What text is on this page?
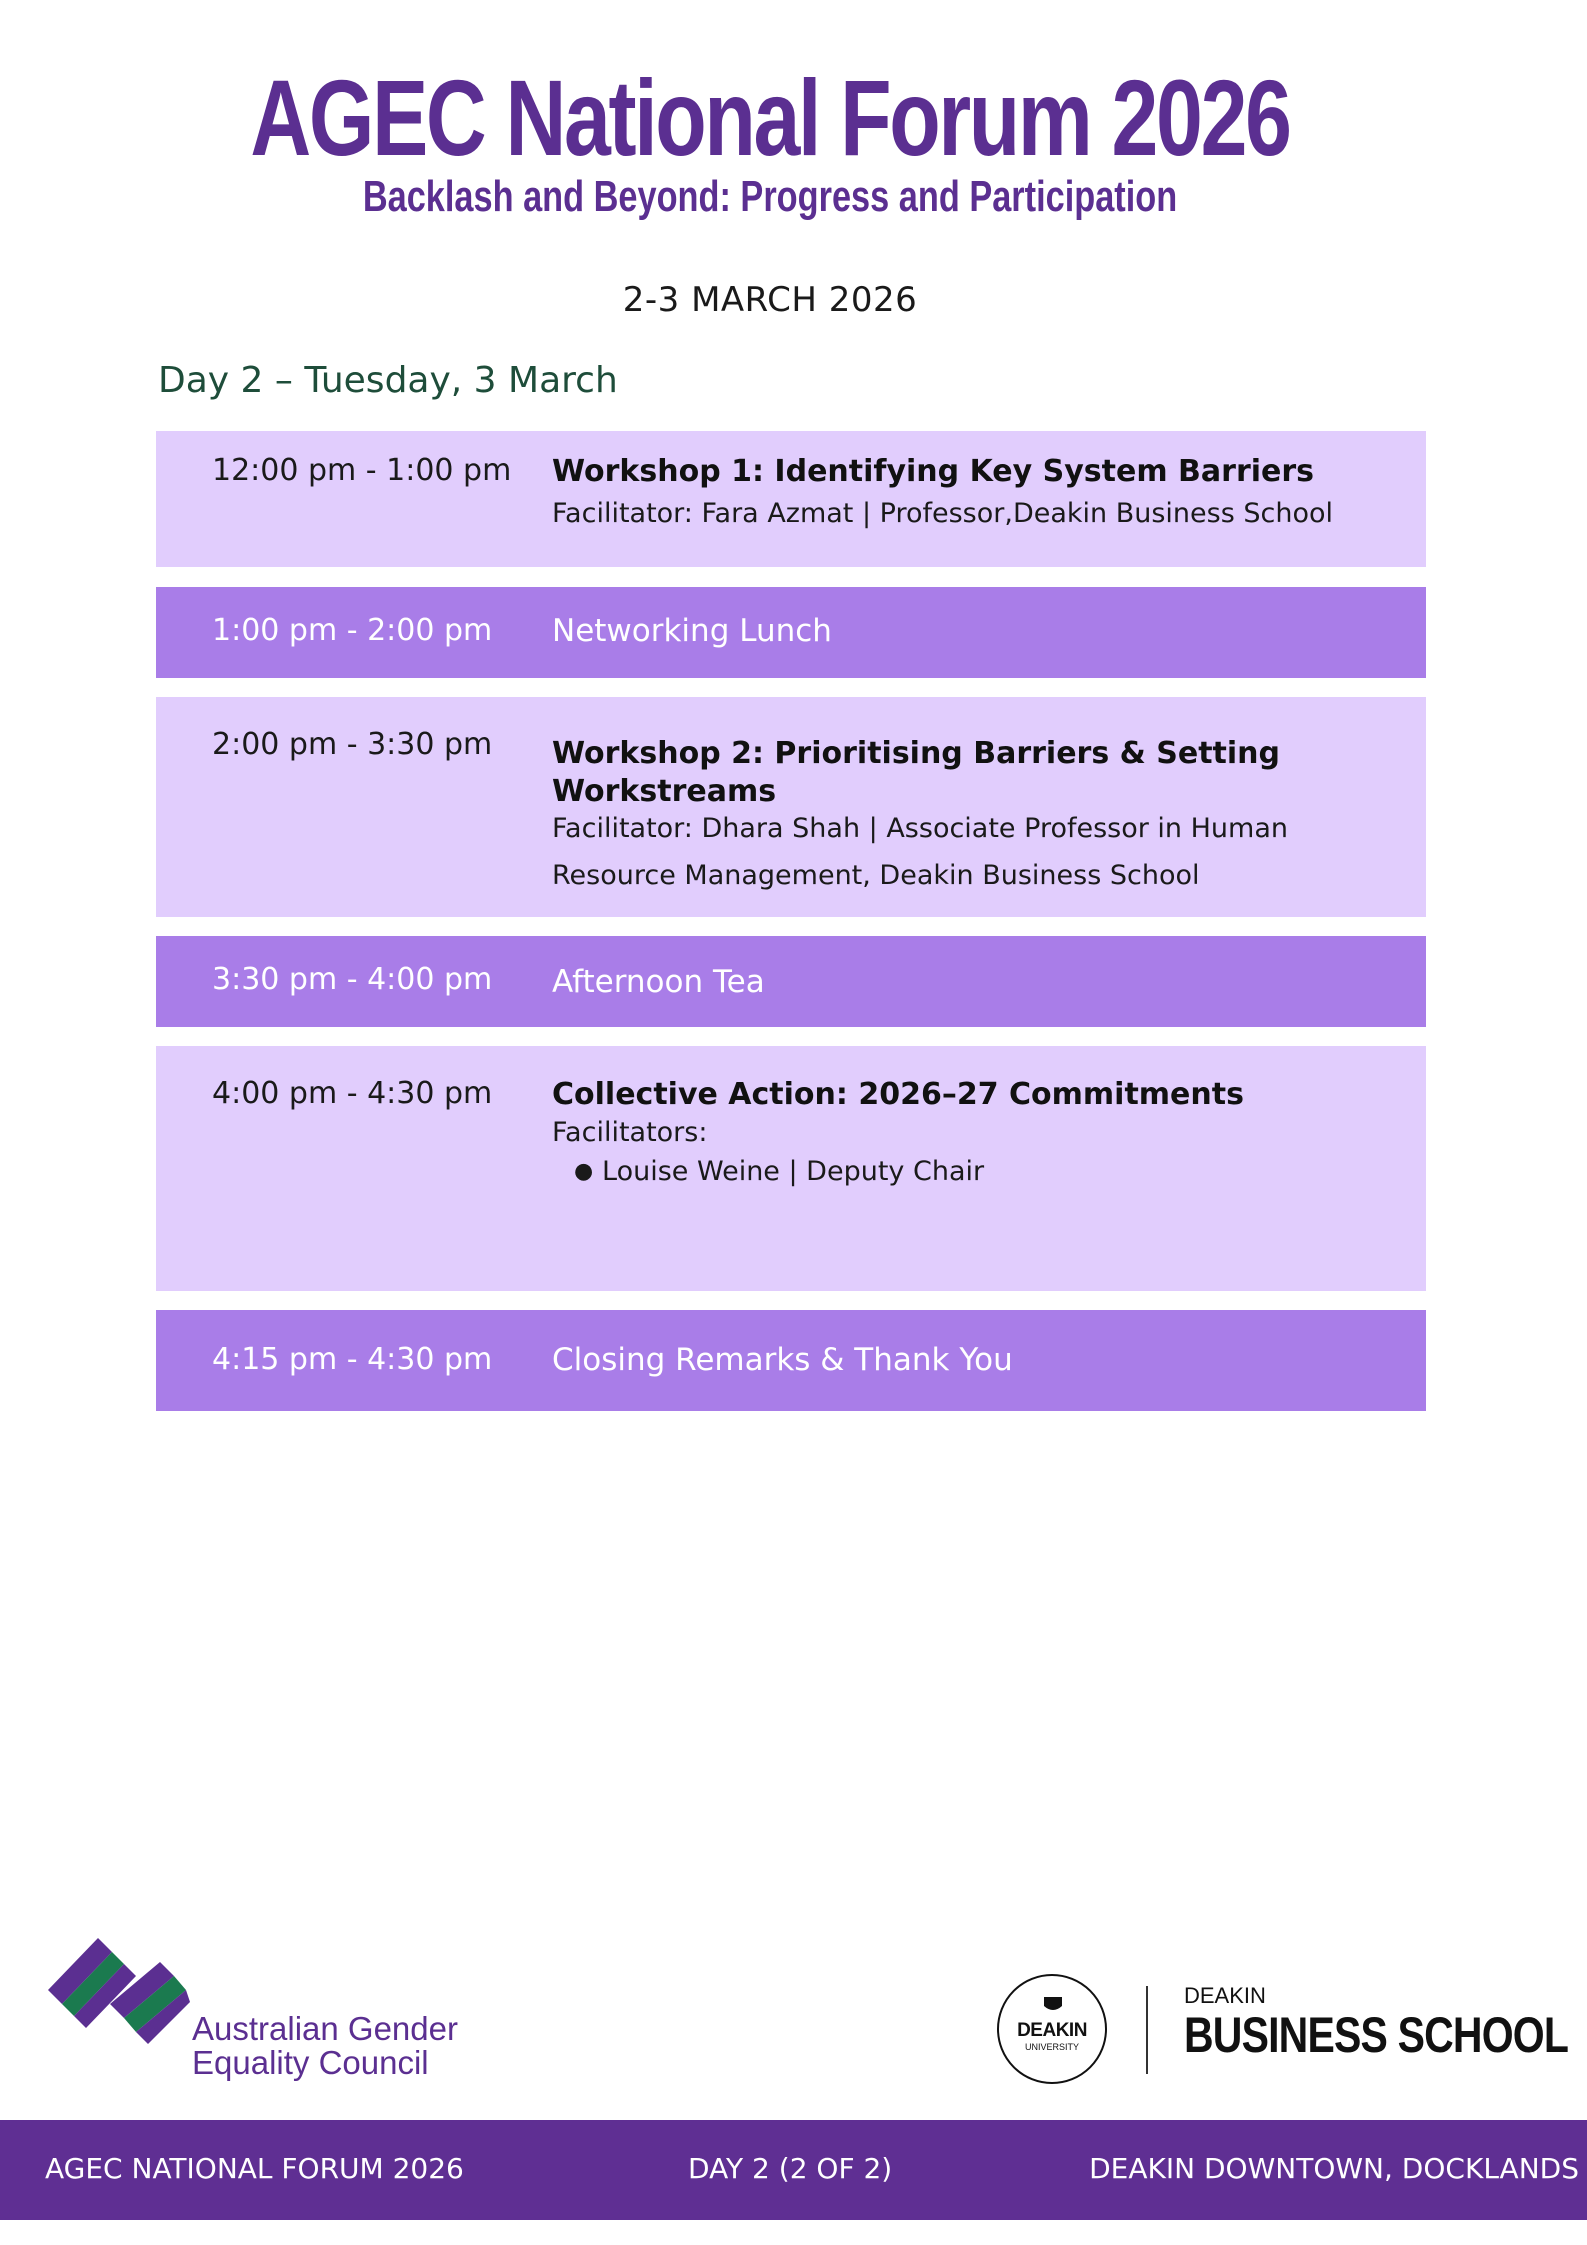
AGEC National Forum 2026
Backlash and Beyond: Progress and Participation
2-3 MARCH 2026
Day 2 – Tuesday, 3 March
12:00 pm - 1:00 pm Workshop 1: Identifying Key System Barriers
Facilitator: Fara Azmat | Professor,Deakin Business School
1:00 pm - 2:00 pm Networking Lunch
2:00 pm - 3:30 pm Workshop 2: Prioritising Barriers & Setting Workstreams
Facilitator: Dhara Shah | Associate Professor in Human Resource Management, Deakin Business School
3:30 pm - 4:00 pm Afternoon Tea
4:00 pm - 4:30 pm Collective Action: 2026–27 Commitments
Facilitators:
● Louise Weine | Deputy Chair
4:15 pm - 4:30 pm Closing Remarks & Thank You
Australian Gender
Equality Council
DEAKIN
UNIVERSITY
DEAKIN
BUSINESS SCHOOL
AGEC NATIONAL FORUM 2026	DAY 2 (2 OF 2)	DEAKIN DOWNTOWN, DOCKLANDS
